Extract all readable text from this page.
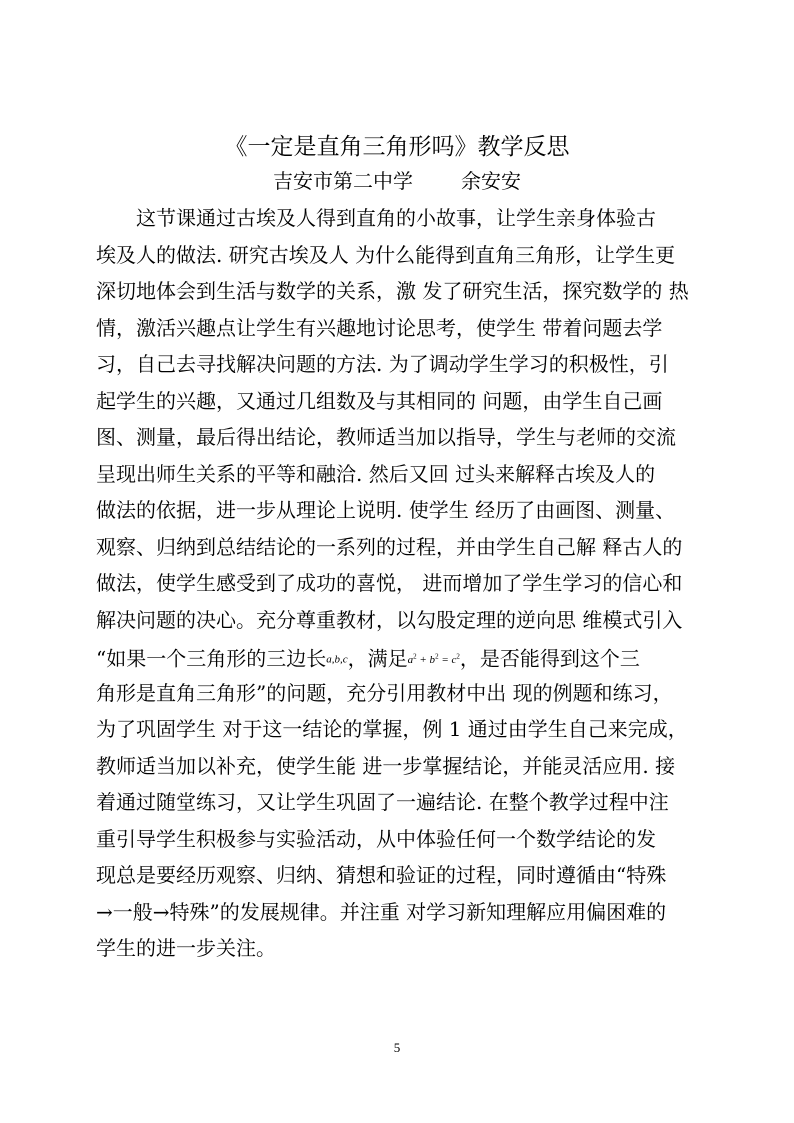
《一定是直角三角形吗》教学反思
吉安市第二中学 余安安
这节课通过古埃及人得到直角的小故事，让学生亲身体验古
埃及人的做法. 研究古埃及人 为什么能得到直角三角形，让学生更
深切地体会到生活与数学的关系，激 发了研究生活，探究数学的 热
情，激活兴趣点让学生有兴趣地讨论思考，使学生 带着问题去学
习，自己去寻找解决问题的方法. 为了调动学生学习的积极性，引
起学生的兴趣，又通过几组数及与其相同的 问题，由学生自己画
图、测量，最后得出结论，教师适当加以指导，学生与老师的交流
呈现出师生关系的平等和融洽. 然后又回 过头来解释古埃及人的
做法的依据，进一步从理论上说明. 使学生 经历了由画图、测量、
观察、归纳到总结结论的一系列的过程，并由学生自己解 释古人的
做法，使学生感受到了成功的喜悦， 进而增加了学生学习的信心和
解决问题的决心。充分尊重教材，以勾股定理的逆向思 维模式引入
“如果一个三角形的三边长a,b,c，满足$a^2 + b^2 = c^2$，是否能得到这个三
角形是直角三角形”的问题，充分引用教材中出 现的例题和练习，
为了巩固学生 对于这一结论的掌握，例 1 通过由学生自己来完成，
教师适当加以补充，使学生能 进一步掌握结论，并能灵活应用. 接
着通过随堂练习，又让学生巩固了一遍结论. 在整个教学过程中注
重引导学生积极参与实验活动，从中体验任何一个数学结论的发
现总是要经历观察、归纳、猜想和验证的过程，同时遵循由“特殊
→一般→特殊”的发展规律。并注重 对学习新知理解应用偏困难的
学生的进一步关注。
5
